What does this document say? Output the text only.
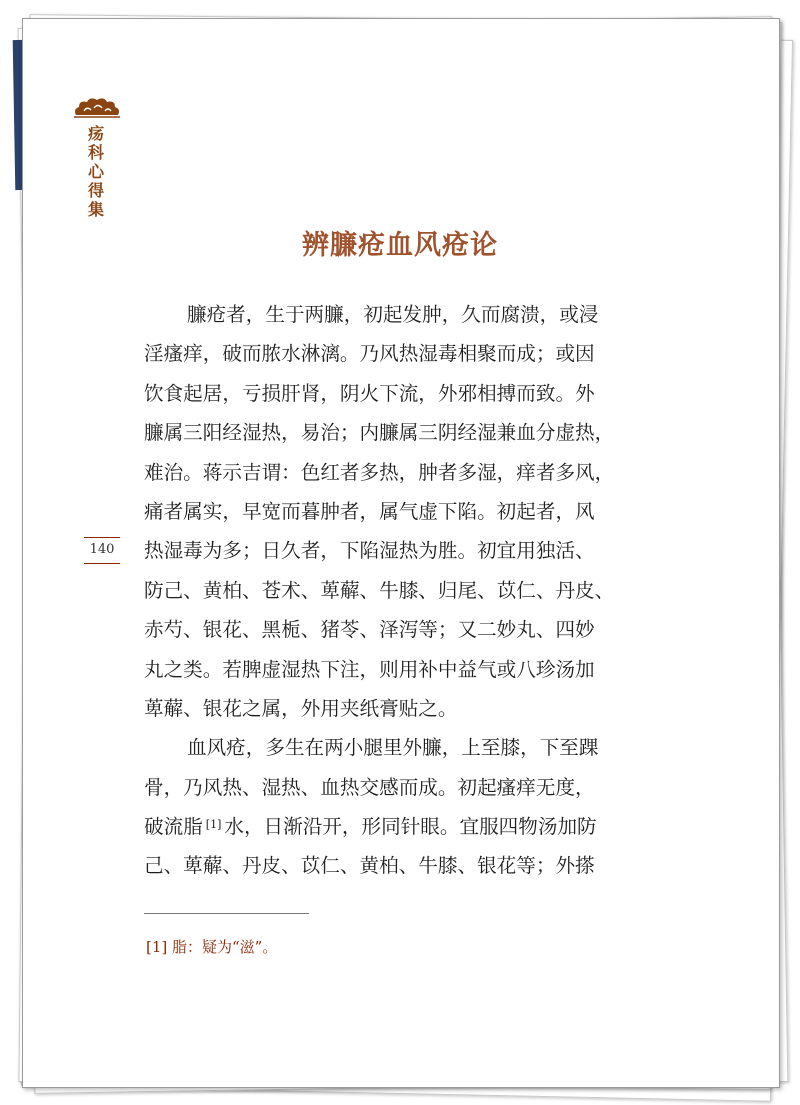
疡
科
心
得
集
140
辨臁疮血风疮论
臁疮者，生于两臁，初起发肿，久而腐溃，或浸
淫瘙痒，破而脓水淋漓。乃风热湿毒相聚而成；或因
饮食起居，亏损肝肾，阴火下流，外邪相搏而致。外
臁属三阳经湿热，易治；内臁属三阴经湿兼血分虚热，
难治。蒋示吉谓：色红者多热，肿者多湿，痒者多风，
痛者属实，早宽而暮肿者，属气虚下陷。初起者，风
热湿毒为多；日久者，下陷湿热为胜。初宜用独活、
防己、黄柏、苍术、萆薢、牛膝、归尾、苡仁、丹皮、
赤芍、银花、黑栀、猪苓、泽泻等；又二妙丸、四妙
丸之类。若脾虚湿热下注，则用补中益气或八珍汤加
萆薢、银花之属，外用夹纸膏贴之。
血风疮，多生在两小腿里外臁，上至膝，下至踝
骨，乃风热、湿热、血热交感而成。初起瘙痒无度，
破流脂 [1] 水，日渐沿开，形同针眼。宜服四物汤加防
己、萆薢、丹皮、苡仁、黄柏、牛膝、银花等；外搽
[1] 脂：疑为“滋”。
